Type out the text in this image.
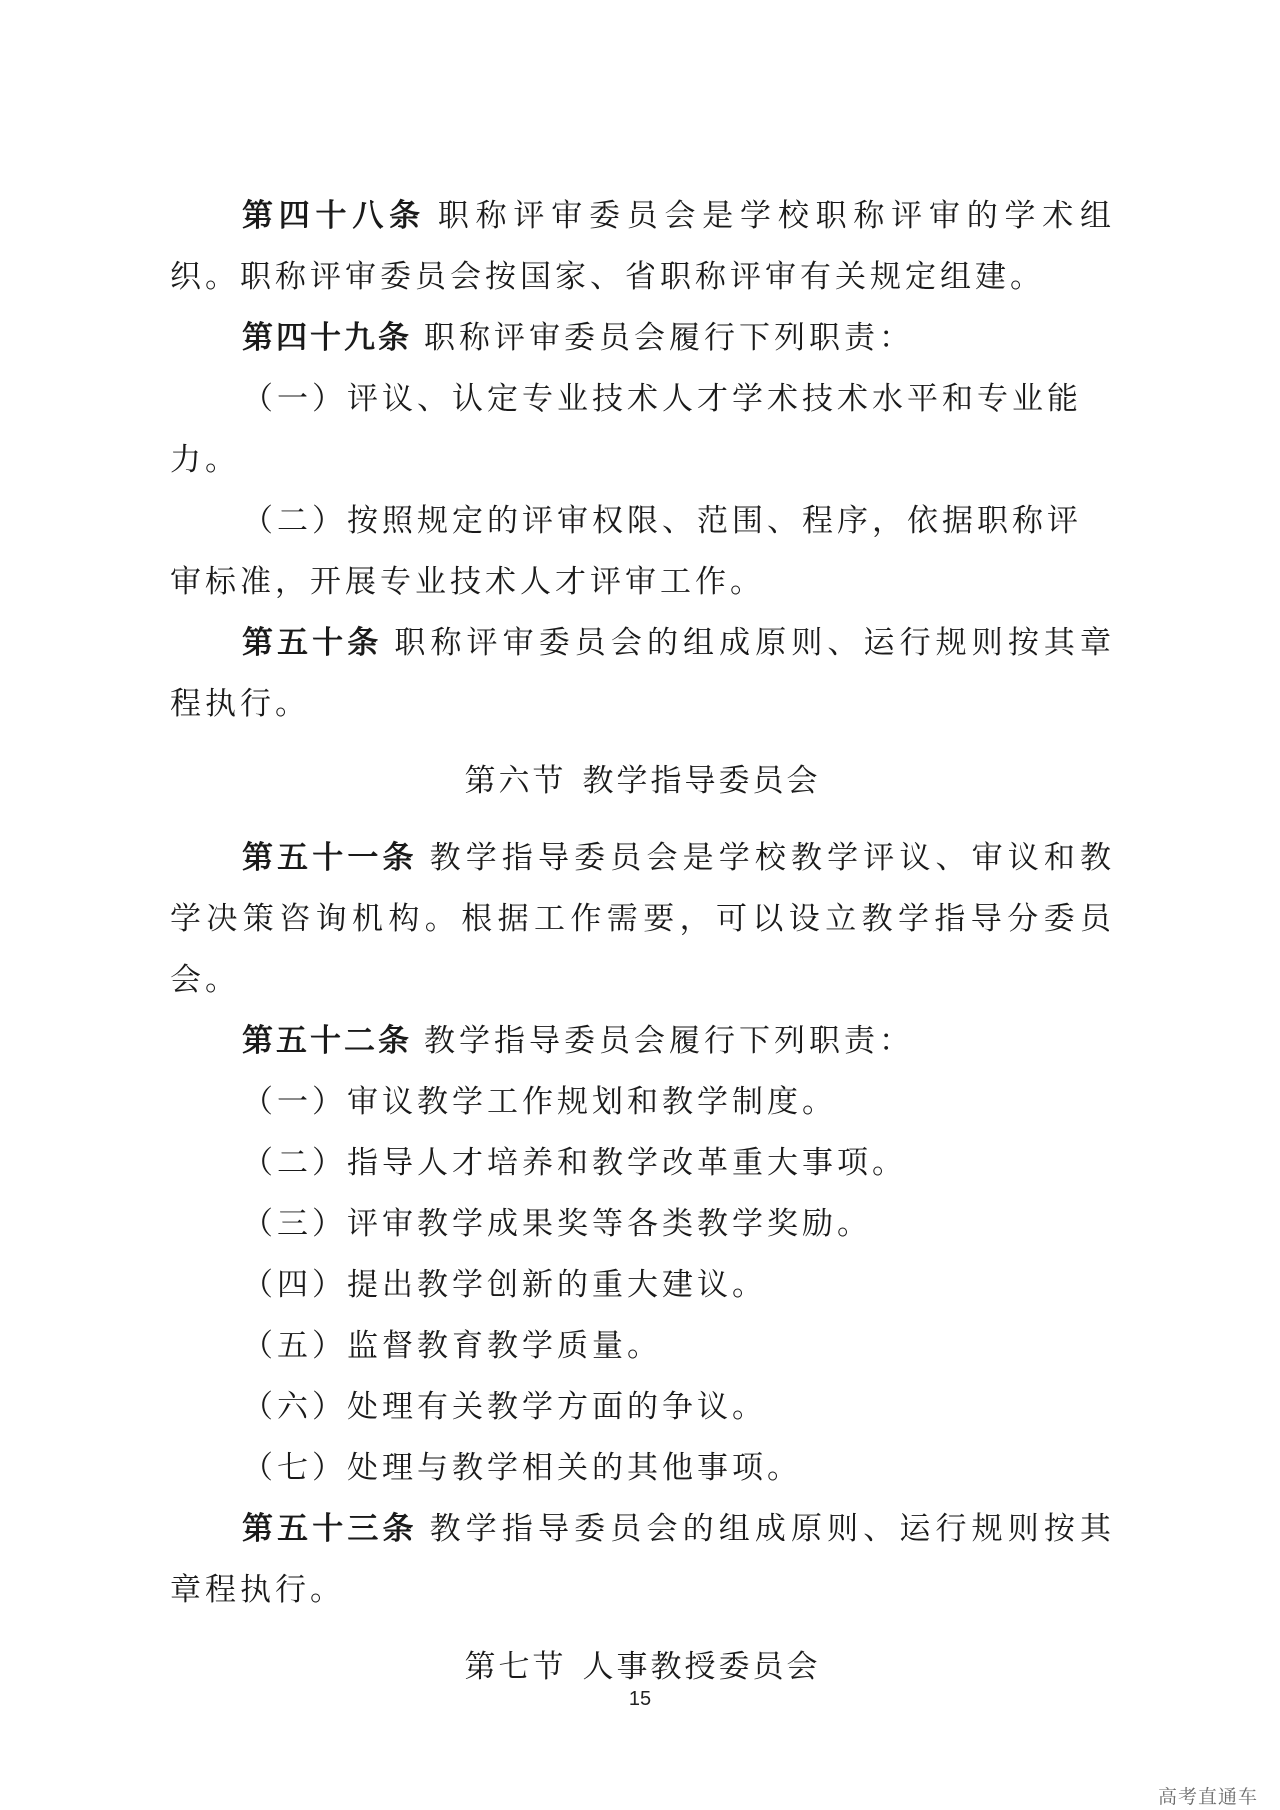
第四十八条 职称评审委员会是学校职称评审的学术组织。职称评审委员会按国家、省职称评审有关规定组建。

第四十九条 职称评审委员会履行下列职责：

（一）评议、认定专业技术人才学术技术水平和专业能力。

（二）按照规定的评审权限、范围、程序，依据职称评审标准，开展专业技术人才评审工作。

第五十条 职称评审委员会的组成原则、运行规则按其章程执行。

第六节 教学指导委员会

第五十一条 教学指导委员会是学校教学评议、审议和教学决策咨询机构。根据工作需要，可以设立教学指导分委员会。

第五十二条 教学指导委员会履行下列职责：

（一）审议教学工作规划和教学制度。

（二）指导人才培养和教学改革重大事项。

（三）评审教学成果奖等各类教学奖励。

（四）提出教学创新的重大建议。

（五）监督教育教学质量。

（六）处理有关教学方面的争议。

（七）处理与教学相关的其他事项。

第五十三条 教学指导委员会的组成原则、运行规则按其章程执行。

第七节 人事教授委员会
15
高考直通车
